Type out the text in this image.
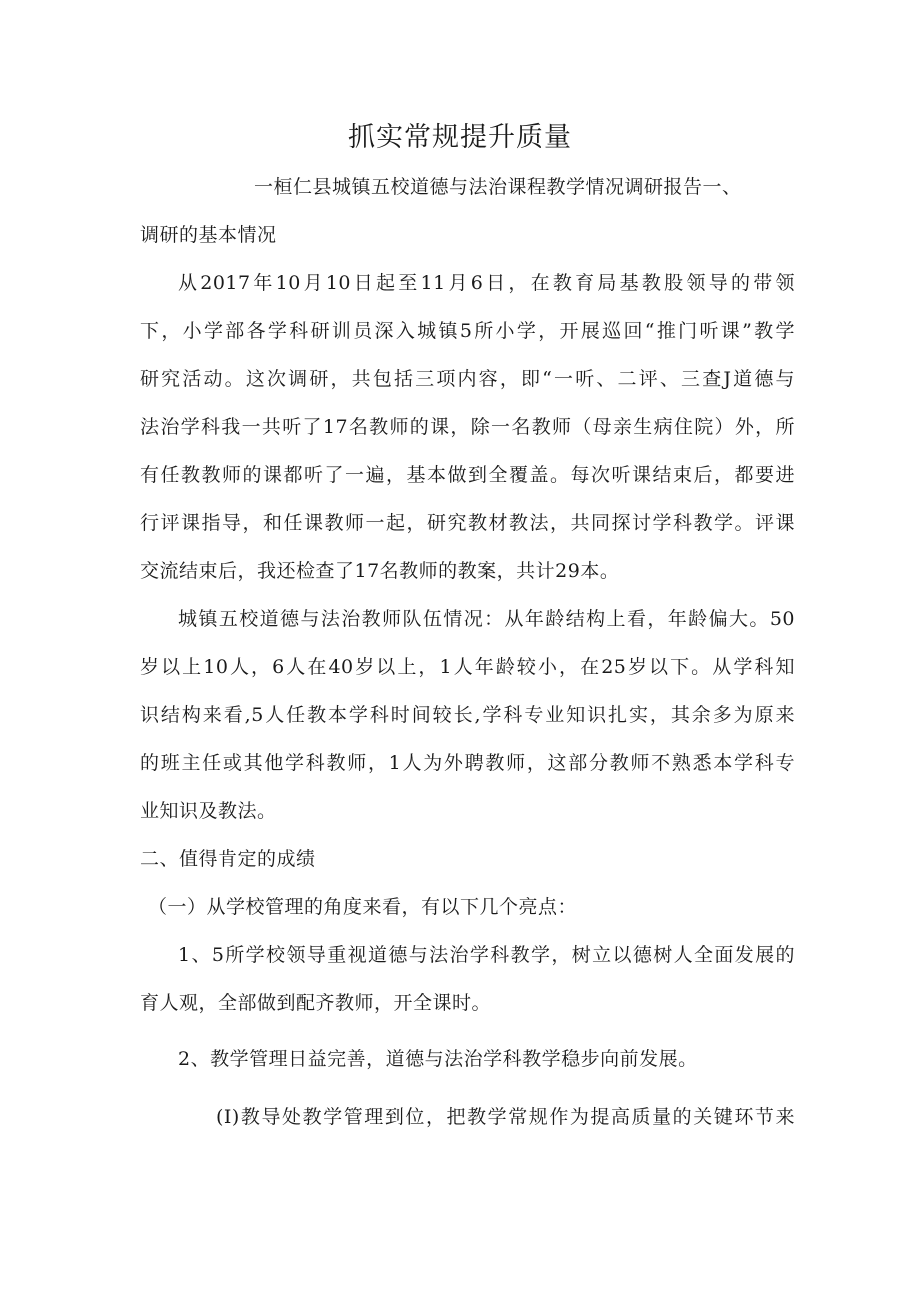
抓实常规提升质量
一桓仁县城镇五校道德与法治课程教学情况调研报告一、
调研的基本情况
从2017年10月10日起至11月6日，在教育局基教股领导的带领
下，小学部各学科研训员深入城镇5所小学，开展巡回“推门听课”教学
研究活动。这次调研，共包括三项内容，即“一听、二评、三查J道德与
法治学科我一共听了17名教师的课，除一名教师（母亲生病住院）外，所
有任教教师的课都听了一遍，基本做到全覆盖。每次听课结束后，都要进
行评课指导，和任课教师一起，研究教材教法，共同探讨学科教学。评课
交流结束后，我还检查了17名教师的教案，共计29本。
城镇五校道德与法治教师队伍情况：从年龄结构上看，年龄偏大。50
岁以上10人，6人在40岁以上，1人年龄较小，在25岁以下。从学科知
识结构来看,5人任教本学科时间较长,学科专业知识扎实，其余多为原来
的班主任或其他学科教师，1人为外聘教师，这部分教师不熟悉本学科专
业知识及教法。
二、值得肯定的成绩
（一）从学校管理的角度来看，有以下几个亮点：
1、5所学校领导重视道德与法治学科教学，树立以德树人全面发展的
育人观，全部做到配齐教师，开全课时。
2、教学管理日益完善，道德与法治学科教学稳步向前发展。
(I)教导处教学管理到位，把教学常规作为提高质量的关键环节来
